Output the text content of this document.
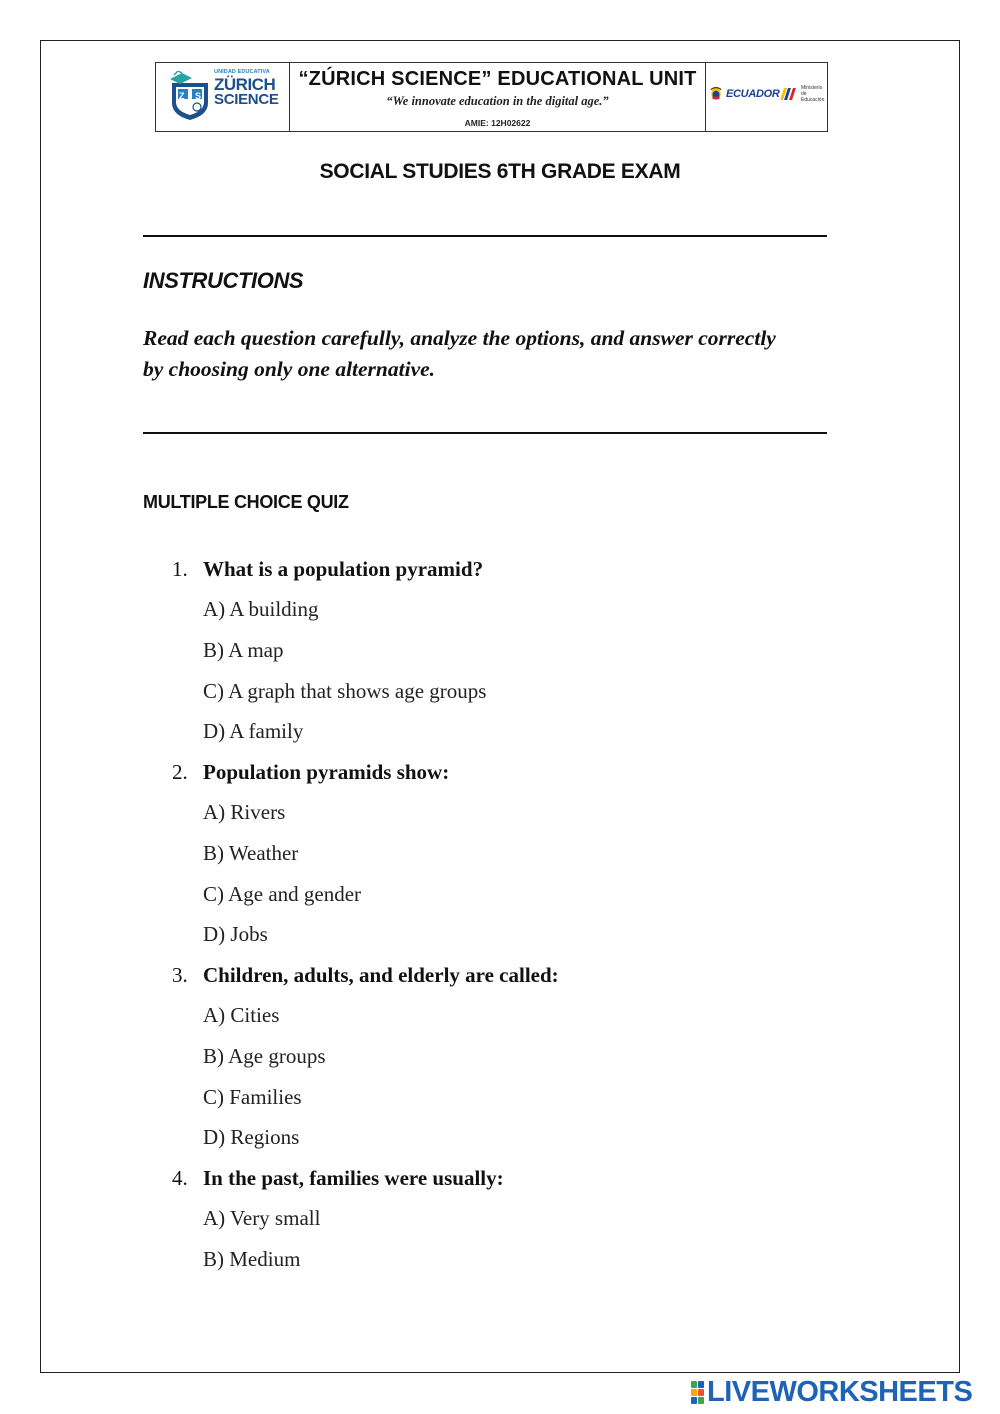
Z S
UNIDAD EDUCATIVA
ZÜRICH
SCIENCE
“ZÚRICH SCIENCE” EDUCATIONAL UNIT
“We innovate education in the digital age.”
AMIE: 12H02622
ECUADOR	Ministerio
de Educación
SOCIAL STUDIES 6TH GRADE EXAM
INSTRUCTIONS
Read each question carefully, analyze the options, and answer correctly
by choosing only one alternative.
MULTIPLE CHOICE QUIZ
1. What is a population pyramid?
A) A building
B) A map
C) A graph that shows age groups
D) A family
2. Population pyramids show:
A) Rivers
B) Weather
C) Age and gender
D) Jobs
3. Children, adults, and elderly are called:
A) Cities
B) Age groups
C) Families
D) Regions
4. In the past, families were usually:
A) Very small
B) Medium
LIVEWORKSHEETS
